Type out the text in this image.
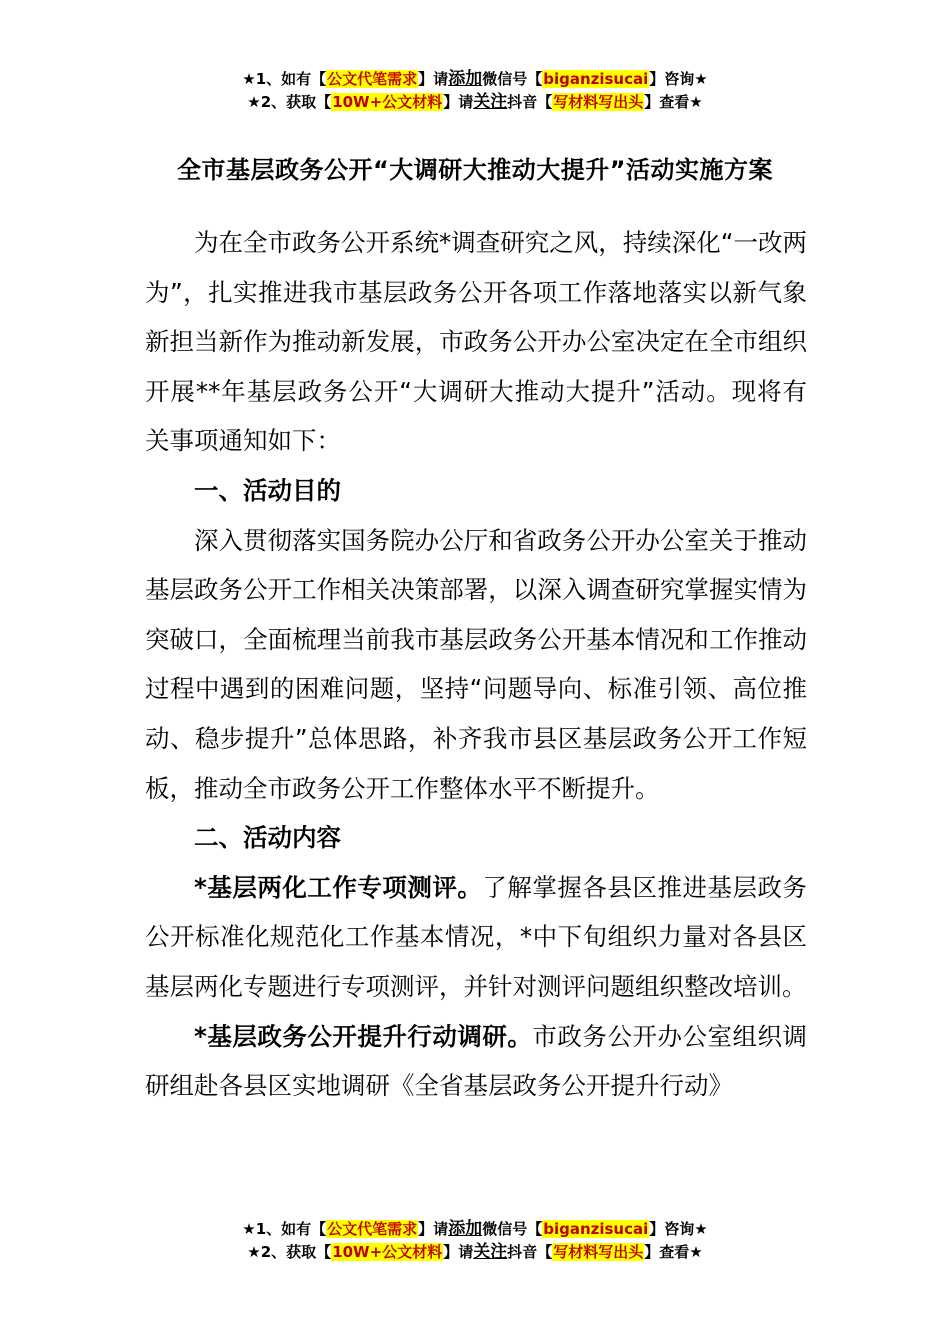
★1、如有【公文代笔需求】请添加微信号【biganzisucai】咨询★
★2、获取【10W+公文材料】请关注抖音【写材料写出头】查看★
全市基层政务公开“大调研大推动大提升”活动实施方案

为在全市政务公开系统*调查研究之风，持续深化“一改两为”，扎实推进我市基层政务公开各项工作落地落实以新气象新担当新作为推动新发展，市政务公开办公室决定在全市组织开展**年基层政务公开“大调研大推动大提升”活动。现将有关事项通知如下：

一、活动目的

深入贯彻落实国务院办公厅和省政务公开办公室关于推动基层政务公开工作相关决策部署，以深入调查研究掌握实情为突破口，全面梳理当前我市基层政务公开基本情况和工作推动过程中遇到的困难问题，坚持“问题导向、标准引领、高位推动、稳步提升”总体思路，补齐我市县区基层政务公开工作短板，推动全市政务公开工作整体水平不断提升。

二、活动内容

*基层两化工作专项测评。了解掌握各县区推进基层政务公开标准化规范化工作基本情况，*中下旬组织力量对各县区基层两化专题进行专项测评，并针对测评问题组织整改培训。

*基层政务公开提升行动调研。市政务公开办公室组织调研组赴各县区实地调研《全省基层政务公开提升行动》

★1、如有【公文代笔需求】请添加微信号【biganzisucai】咨询★
★2、获取【10W+公文材料】请关注抖音【写材料写出头】查看★
